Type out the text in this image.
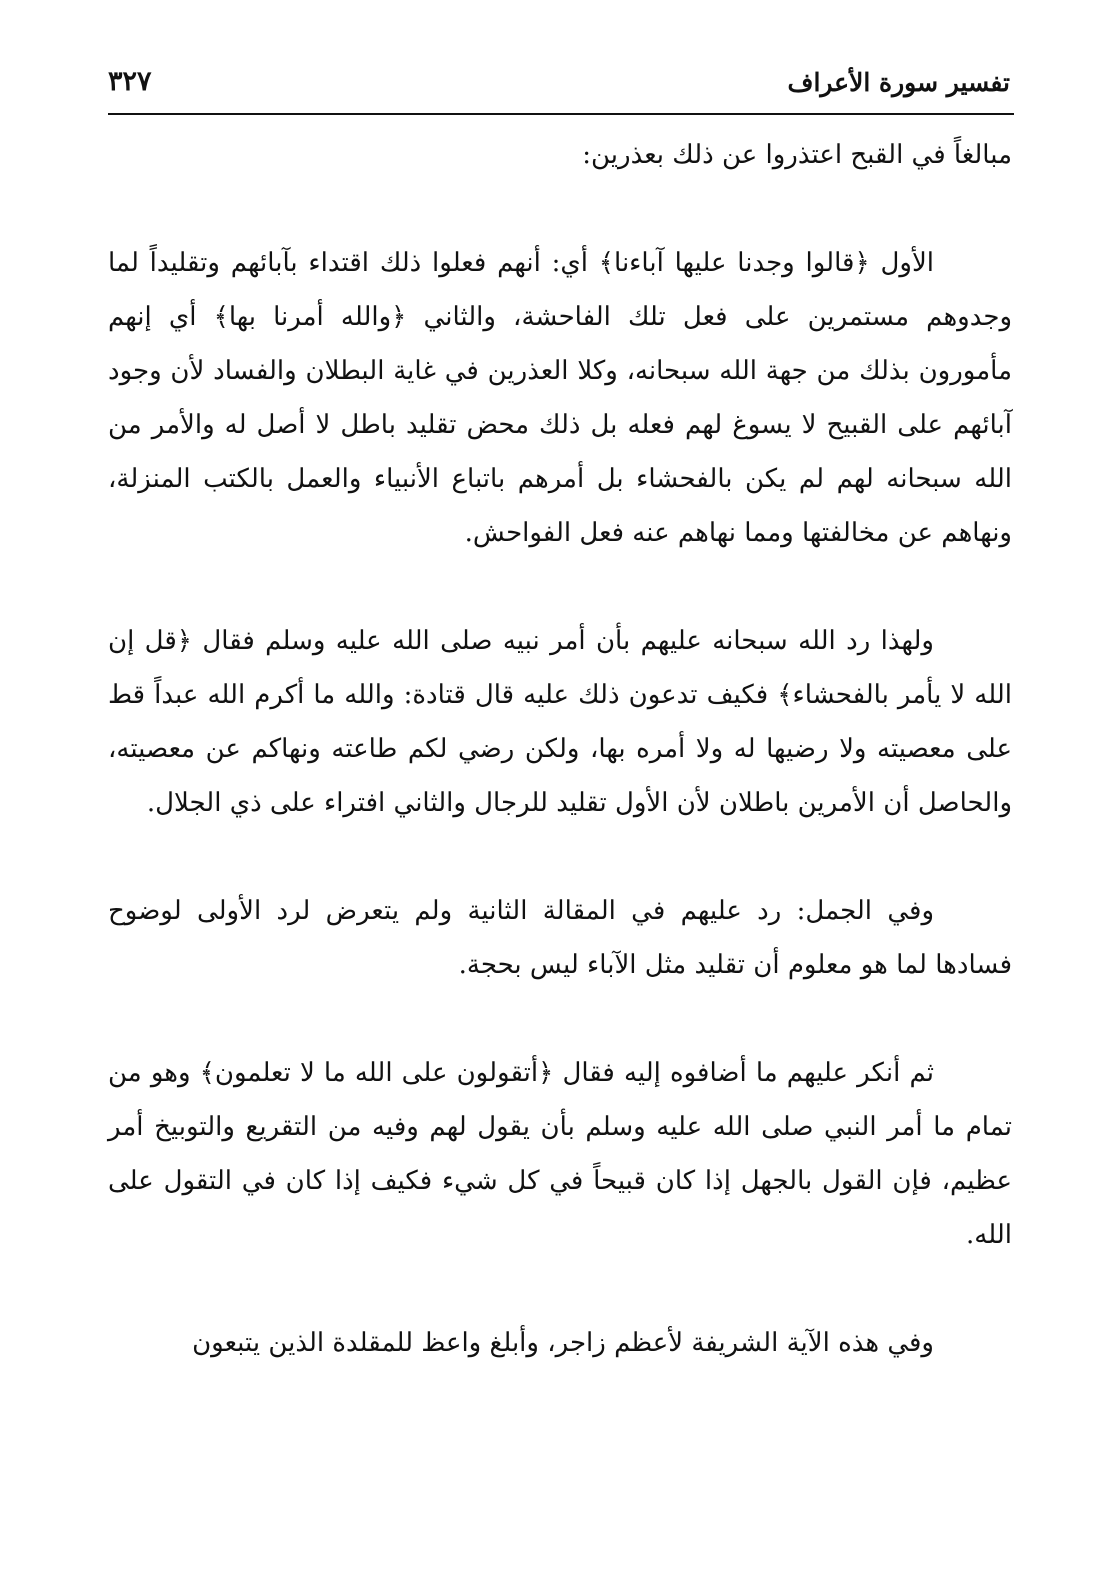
تفسير سورة الأعراف
٣٢٧

مبالغاً في القبح اعتذروا عن ذلك بعذرين:

الأول ﴿قالوا وجدنا عليها آباءنا﴾ أي: أنهم فعلوا ذلك اقتداء بآبائهم وتقليداً لما وجدوهم مستمرين على فعل تلك الفاحشة، والثاني ﴿والله أمرنا بها﴾ أي إنهم مأمورون بذلك من جهة الله سبحانه، وكلا العذرين في غاية البطلان والفساد لأن وجود آبائهم على القبيح لا يسوغ لهم فعله بل ذلك محض تقليد باطل لا أصل له والأمر من الله سبحانه لهم لم يكن بالفحشاء بل أمرهم باتباع الأنبياء والعمل بالكتب المنزلة، ونهاهم عن مخالفتها ومما نهاهم عنه فعل الفواحش.

ولهذا رد الله سبحانه عليهم بأن أمر نبيه صلى الله عليه وسلم فقال ﴿قل إن الله لا يأمر بالفحشاء﴾ فكيف تدعون ذلك عليه قال قتادة: والله ما أكرم الله عبداً قط على معصيته ولا رضيها له ولا أمره بها، ولكن رضي لكم طاعته ونهاكم عن معصيته، والحاصل أن الأمرين باطلان لأن الأول تقليد للرجال والثاني افتراء على ذي الجلال.

وفي الجمل: رد عليهم في المقالة الثانية ولم يتعرض لرد الأولى لوضوح فسادها لما هو معلوم أن تقليد مثل الآباء ليس بحجة.

ثم أنكر عليهم ما أضافوه إليه فقال ﴿أتقولون على الله ما لا تعلمون﴾ وهو من تمام ما أمر النبي صلى الله عليه وسلم بأن يقول لهم وفيه من التقريع والتوبيخ أمر عظيم، فإن القول بالجهل إذا كان قبيحاً في كل شيء فكيف إذا كان في التقول على الله.

وفي هذه الآية الشريفة لأعظم زاجر، وأبلغ واعظ للمقلدة الذين يتبعون
